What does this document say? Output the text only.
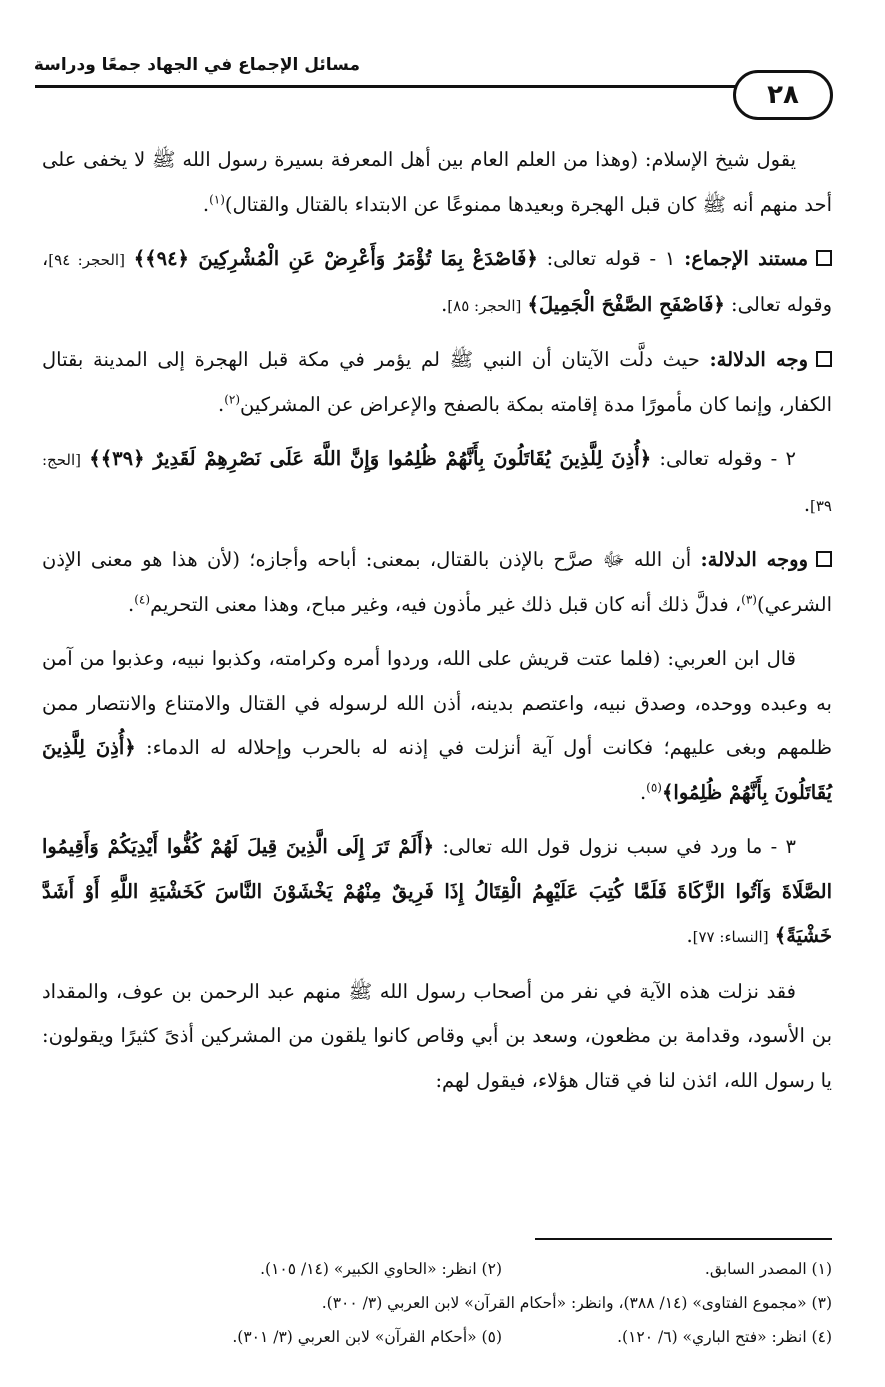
مسائل الإجماع في الجهاد جمعًا ودراسة
٢٨

يقول شيخ الإسلام: (وهذا من العلم العام بين أهل المعرفة بسيرة رسول الله ﷺ لا يخفى على أحد منهم أنه ﷺ كان قبل الهجرة وبعيدها ممنوعًا عن الابتداء بالقتال والقتال)$^{(١)}$.

مستند الإجماع: ١ - قوله تعالى: ﴿فَاصْدَعْ بِمَا تُؤْمَرُ وَأَعْرِضْ عَنِ الْمُشْرِكِينَ ﴿٩٤﴾﴾ [الحجر: ٩٤]، وقوله تعالى: ﴿فَاصْفَحِ الصَّفْحَ الْجَمِيلَ﴾ [الحجر: ٨٥].

وجه الدلالة: حيث دلَّت الآيتان أن النبي ﷺ لم يؤمر في مكة قبل الهجرة إلى المدينة بقتال الكفار، وإنما كان مأمورًا مدة إقامته بمكة بالصفح والإعراض عن المشركين$^{(٢)}$.

٢ - وقوله تعالى: ﴿أُذِنَ لِلَّذِينَ يُقَاتَلُونَ بِأَنَّهُمْ ظُلِمُوا وَإِنَّ اللَّهَ عَلَى نَصْرِهِمْ لَقَدِيرٌ ﴿٣٩﴾﴾ [الحج: ٣٩].

ووجه الدلالة: أن الله ﷻ صرَّح بالإذن بالقتال، بمعنى: أباحه وأجازه؛ (لأن هذا هو معنى الإذن الشرعي)$^{(٣)}$، فدلَّ ذلك أنه كان قبل ذلك غير مأذون فيه، وغير مباح، وهذا معنى التحريم$^{(٤)}$.

قال ابن العربي: (فلما عتت قريش على الله، وردوا أمره وكرامته، وكذبوا نبيه، وعذبوا من آمن به وعبده ووحده، وصدق نبيه، واعتصم بدينه، أذن الله لرسوله في القتال والامتناع والانتصار ممن ظلمهم وبغى عليهم؛ فكانت أول آية أنزلت في إذنه له بالحرب وإحلاله له الدماء: ﴿أُذِنَ لِلَّذِينَ يُقَاتَلُونَ بِأَنَّهُمْ ظُلِمُوا﴾$^{(٥)}$.

٣ - ما ورد في سبب نزول قول الله تعالى: ﴿أَلَمْ تَرَ إِلَى الَّذِينَ قِيلَ لَهُمْ كُفُّوا أَيْدِيَكُمْ وَأَقِيمُوا الصَّلَاةَ وَآتُوا الزَّكَاةَ فَلَمَّا كُتِبَ عَلَيْهِمُ الْقِتَالُ إِذَا فَرِيقٌ مِنْهُمْ يَخْشَوْنَ النَّاسَ كَخَشْيَةِ اللَّهِ أَوْ أَشَدَّ خَشْيَةً﴾ [النساء: ٧٧].

فقد نزلت هذه الآية في نفر من أصحاب رسول الله ﷺ منهم عبد الرحمن بن عوف، والمقداد بن الأسود، وقدامة بن مظعون، وسعد بن أبي وقاص كانوا يلقون من المشركين أذىً كثيرًا ويقولون: يا رسول الله، ائذن لنا في قتال هؤلاء، فيقول لهم:

(١) المصدر السابق.
(٢) انظر: «الحاوي الكبير» (١٤/ ١٠٥).
(٣) «مجموع الفتاوى» (١٤/ ٣٨٨)، وانظر: «أحكام القرآن» لابن العربي (٣/ ٣٠٠).
(٤) انظر: «فتح الباري» (٦/ ١٢٠).
(٥) «أحكام القرآن» لابن العربي (٣/ ٣٠١).
